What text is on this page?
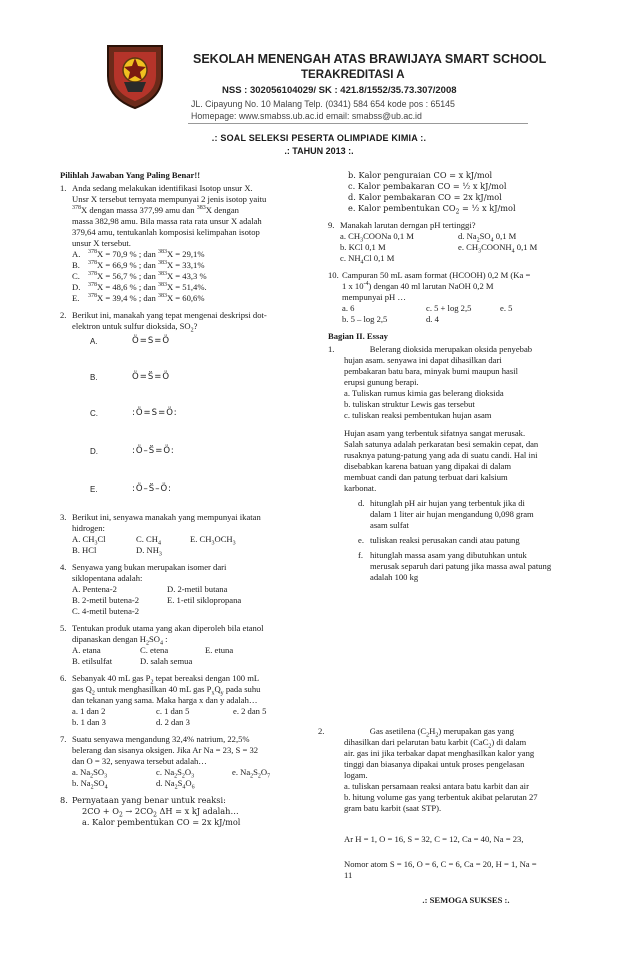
SEKOLAH MENENGAH ATAS BRAWIJAYA SMART SCHOOL
TERAKREDITASI A
NSS : 302056104029/ SK : 421.8/1552/35.73.307/2008
JL. Cipayung No. 10 Malang Telp. (0341) 584 654 kode pos : 65145
Homepage: www.smabss.ub.ac.id email: smabss@ub.ac.id
.: SOAL SELEKSI PESERTA OLIMPIADE KIMIA :.
.: TAHUN 2013 :.
Pilihlah Jawaban Yang Paling Benar!!
1. Anda sedang melakukan identifikasi Isotop unsur X.
Unsr X tersebut ternyata mempunyai 2 jenis isotop yaitu
$^{378}$X dengan massa 377,99 amu dan $^{383}$X dengan
massa 382,98 amu. Bila massa rata rata unsur X adalah
379,64 amu, tentukanlah komposisi kelimpahan isotop
unsur X tersebut.
A. $^{378}$X = 70,9 % ; dan $^{383}$X = 29,1%
B. $^{378}$X = 66,9 % ; dan $^{383}$X = 33,1%
C. $^{378}$X = 56,7 % ; dan $^{383}$X = 43,3 %
D. $^{378}$X = 48,6 % ; dan $^{383}$X = 51,4%.
E. $^{378}$X = 39,4 % ; dan $^{383}$X = 60,6%
2. Berikut ini, manakah yang tepat mengenai deskripsi dot-
elektron untuk sulfur dioksida, $SO_2$?
A.	Ö=S=Ö
B.	Ö=S̈=Ö
C.	:Ö=S=Ö:
D.	:Ö–S̈=Ö:
E.	:Ö–S̈–Ö:
3. Berikut ini, senyawa manakah yang mempunyai ikatan
hidrogen:
A. $CH_3Cl$	C. $CH_4$	E. $CH_3OCH_3$
B. HCl	D. $NH_3$
4. Senyawa yang bukan merupakan isomer dari
siklopentana adalah:
A. Pentena-2	D. 2-metil butana
B. 2-metil butena-2	E. 1-etil siklopropana
C. 4-metil butena-2
5. Tentukan produk utama yang akan diperoleh bila etanol
dipanaskan dengan $H_2SO_4$ :
A. etana	C. etena	E. etuna
B. etilsulfat	D. salah semua
6. Sebanyak 40 mL gas $P_2$ tepat bereaksi dengan 100 mL
gas $Q_2$ untuk menghasilkan 40 mL gas $P_xQ_y$ pada suhu
dan tekanan yang sama. Maka harga x dan y adalah…
a. 1 dan 2	c. 1 dan 5	e. 2 dan 5
b. 1 dan 3	d. 2 dan 3
7. Suatu senyawa mengandung 32,4% natrium, 22,5%
belerang dan sisanya oksigen. Jika Ar Na = 23, S = 32
dan O = 32, senyawa tersebut adalah…
a. $Na_2SO_3$	c. $Na_2S_2O_3$	e. $Na_2S_2O_7$
b. $Na_2SO_4$	d. $Na_2S_4O_6$
8. Pernyataan yang benar untuk reaksi:
$2CO + O_2 \to 2CO_2$ ΔH = x kJ adalah…
a. Kalor pembentukan CO = 2x kJ/mol
b. Kalor penguraian CO = x kJ/mol
c. Kalor pembakaran CO = ½ x kJ/mol
d. Kalor pembakaran CO = 2x kJ/mol
e. Kalor pembentukan $CO_2$ = ½ x kJ/mol
9. Manakah larutan derngan pH tertinggi?
a. $CH_3COONa$ 0,1 M	d. $Na_2SO_4$ 0,1 M
b. KCl 0,1 M	e. $CH_3COONH_4$ 0,1 M
c. $NH_4Cl$ 0,1 M
10. Campuran 50 mL asam format (HCOOH) 0,2 M (Ka =
1 x $10^{-4}$) dengan 40 ml larutan NaOH 0,2 M
mempunyai pH …
a. 6	c. 5 + log 2,5	e. 5
b. 5 – log 2,5	d. 4
Bagian II. Essay
1.	Belerang dioksida merupakan oksida penyebab
hujan asam. senyawa ini dapat dihasilkan dari
pembakaran batu bara, minyak bumi maupun hasil
erupsi gunung berapi.
a. Tuliskan rumus kimia gas belerang dioksida
b. tuliskan struktur Lewis gas tersebut
c. tuliskan reaksi pembentukan hujan asam
Hujan asam yang terbentuk sifatnya sangat merusak.
Salah satunya adalah perkaratan besi semakin cepat, dan
rusaknya patung-patung yang ada di suatu candi. Hal ini
disebabkan karena batuan yang dipakai di dalam
membuat candi dan patung terbuat dari kalsium
karbonat.
d. hitunglah pH air hujan yang terbentuk jika di
dalam 1 liter air hujan mengandung 0,098 gram
asam sulfat
e. tuliskan reaksi perusakan candi atau patung
f. hitunglah massa asam yang dibutuhkan untuk
merusak separuh dari patung jika massa awal patung
adalah 100 kg
2. Gas asetilena $(C_2H_2)$ merupakan gas yang
dihasilkan dari pelarutan batu karbit (CaC$_2$) di dalam
air. gas ini jika terbakar dapat menghasilkan kalor yang
tinggi dan biasanya dipakai untuk proses pengelasan
logam.
a. tuliskan persamaan reaksi antara batu karbit dan air
b. hitung volume gas yang terbentuk akibat pelarutan 27
gram batu karbit (saat STP).
Ar H = 1, O = 16, S = 32, C = 12, Ca = 40, Na = 23,
Nomor atom S = 16, O = 6, C = 6, Ca = 20, H = 1, Na =
11
.: SEMOGA SUKSES :.
